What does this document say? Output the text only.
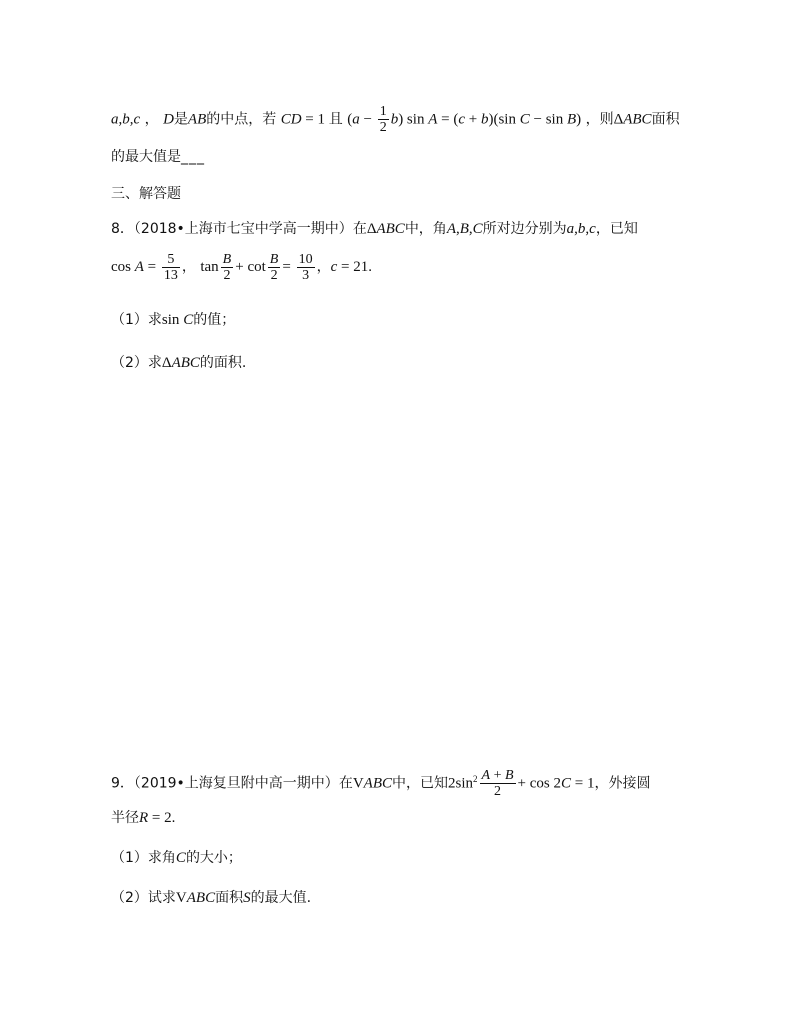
a,b,c ， D是AB的中点，若 CD = 1 且 $(a - \frac{1}{2} b)$ sin A = (c + b)(sin C − sin B) ，则ΔABC面积
的最大值是___
三、解答题
8．（2018•上海市七宝中学高一期中）在ΔABC中，角A,B,C所对边分别为a,b,c，已知
$\cos A = \frac{5}{13}$ ， $\tan \frac{B}{2} + \cot \frac{B}{2} = \frac{10}{3}$ ，c = 21.
（1）求sin C的值；
（2）求ΔABC的面积.
9．（2019•上海复旦附中高一期中）在VABC中，已知$2\sin^2 \frac{A + B}{2} + \cos 2C = 1$，外接圆
半径R = 2.
（1）求角C的大小；
（2）试求VABC面积S的最大值.
